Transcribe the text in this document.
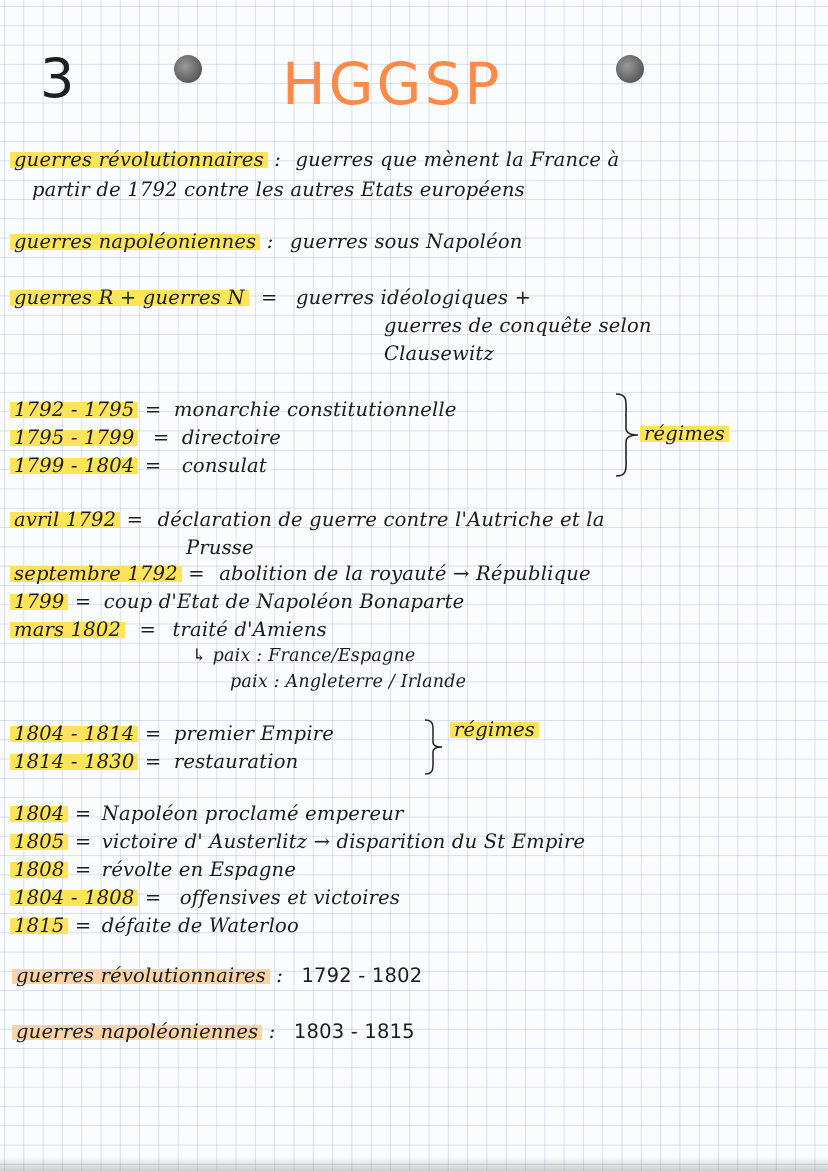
3	HGGSP
guerres révolutionnaires : guerres que mènent la France à
partir de 1792 contre les autres Etats européens
guerres napoléoniennes : guerres sous Napoléon
guerres R + guerres N = guerres idéologiques +
guerres de conquête selon
Clausewitz
1792 - 1795 = monarchie constitutionnelle
1795 - 1799 = directoire
1799 - 1804 = consulat
régimes
avril 1792 = déclaration de guerre contre l'Autriche et la
Prusse
septembre 1792 = abolition de la royauté → République
1799 = coup d'Etat de Napoléon Bonaparte
mars 1802 = traité d'Amiens
↳ paix : France/Espagne
paix : Angleterre / Irlande
1804 - 1814 = premier Empire
1814 - 1830 = restauration
régimes
1804 = Napoléon proclamé empereur
1805 = victoire d' Austerlitz → disparition du St Empire
1808 = révolte en Espagne
1804 - 1808 = offensives et victoires
1815 = défaite de Waterloo
guerres révolutionnaires : 1792 - 1802
guerres napoléoniennes : 1803 - 1815
